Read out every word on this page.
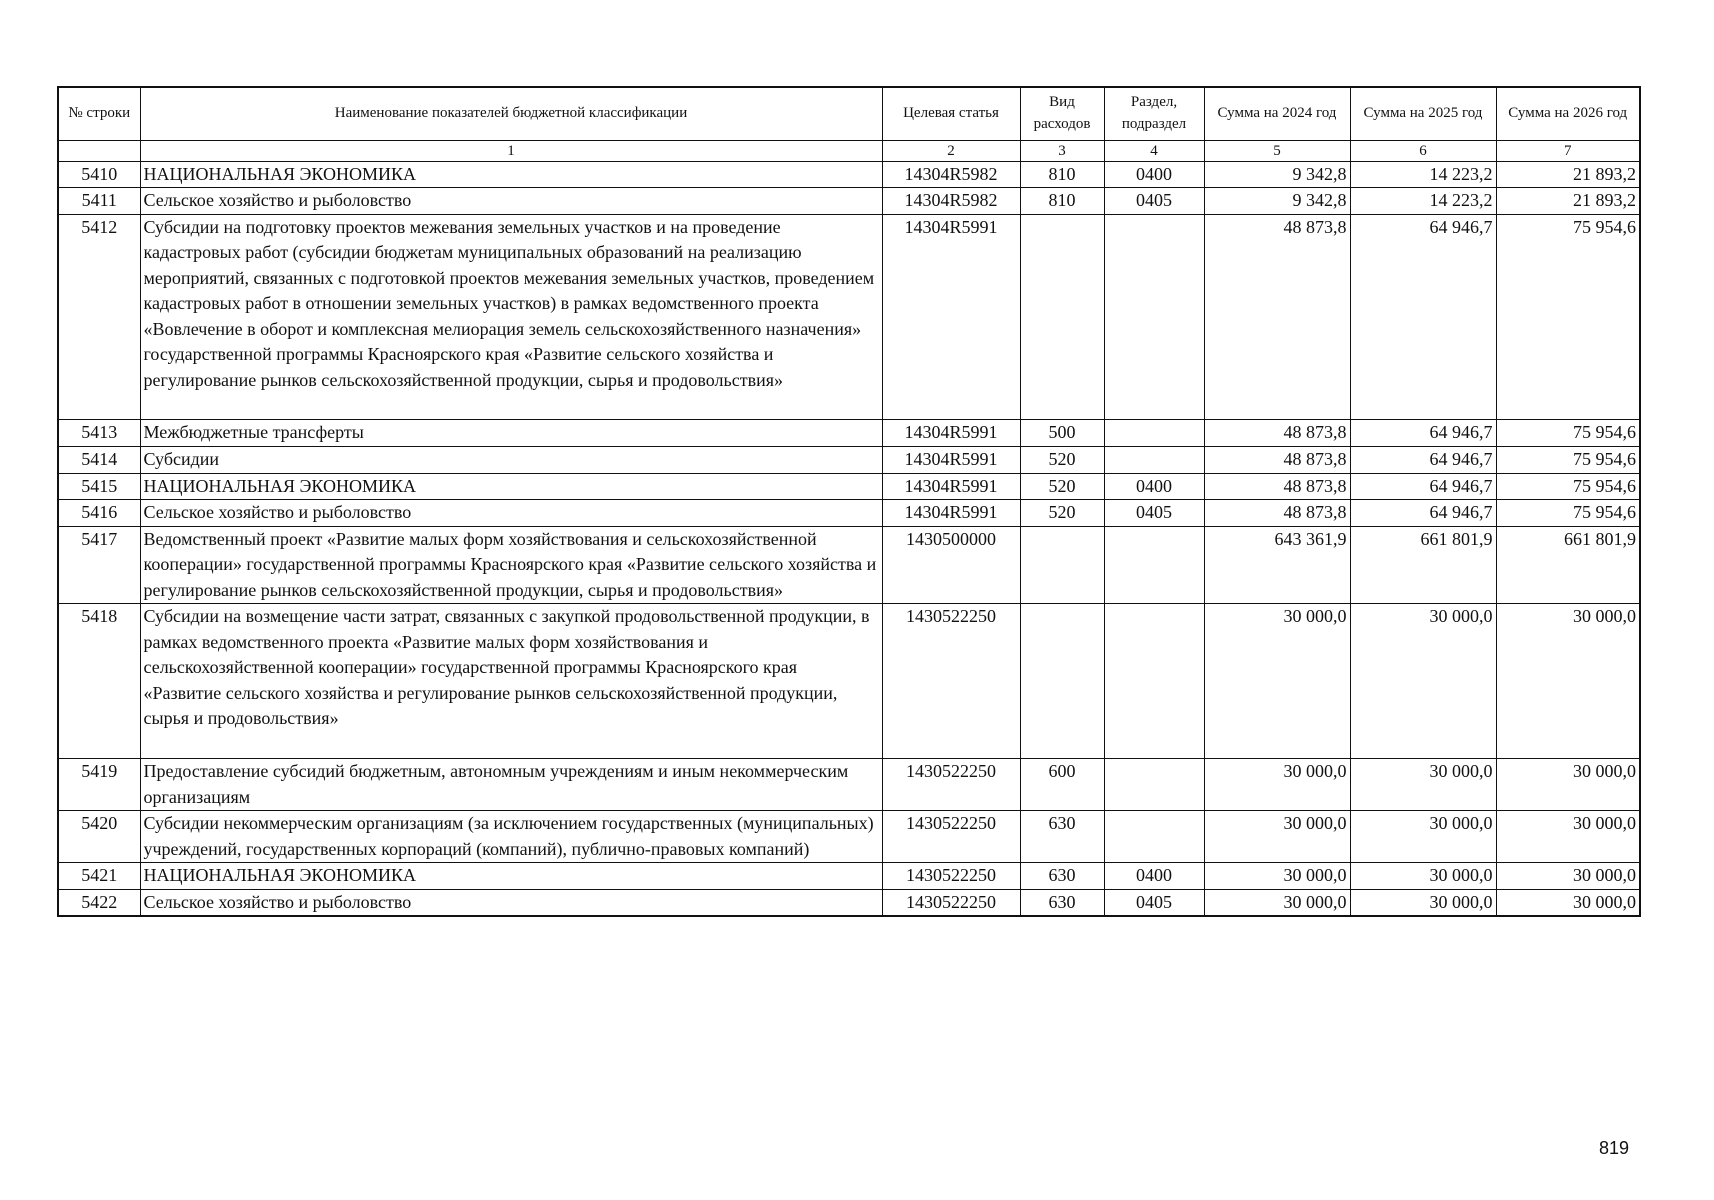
№ строки	Наименование показателей бюджетной классификации	Целевая статья	Вид расходов	Раздел, подраздел	Сумма на 2024 год	Сумма на 2025 год	Сумма на 2026 год
	1	2	3	4	5	6	7
5410	НАЦИОНАЛЬНАЯ ЭКОНОМИКА	14304R5982	810	0400	9 342,8	14 223,2	21 893,2
5411	Сельское хозяйство и рыболовство	14304R5982	810	0405	9 342,8	14 223,2	21 893,2
5412	Субсидии на подготовку проектов межевания земельных участков и на проведение кадастровых работ (субсидии бюджетам муниципальных образований на реализацию мероприятий, связанных с подготовкой проектов межевания земельных участков, проведением кадастровых работ в отношении земельных участков) в рамках ведомственного проекта «Вовлечение в оборот и комплексная мелиорация земель сельскохозяйственного назначения» государственной программы Красноярского края «Развитие сельского хозяйства и регулирование рынков сельскохозяйственной продукции, сырья и продовольствия»	14304R5991			48 873,8	64 946,7	75 954,6
5413	Межбюджетные трансферты	14304R5991	500		48 873,8	64 946,7	75 954,6
5414	Субсидии	14304R5991	520		48 873,8	64 946,7	75 954,6
5415	НАЦИОНАЛЬНАЯ ЭКОНОМИКА	14304R5991	520	0400	48 873,8	64 946,7	75 954,6
5416	Сельское хозяйство и рыболовство	14304R5991	520	0405	48 873,8	64 946,7	75 954,6
5417	Ведомственный проект «Развитие малых форм хозяйствования и сельскохозяйственной кооперации» государственной программы Красноярского края «Развитие сельского хозяйства и регулирование рынков сельскохозяйственной продукции, сырья и продовольствия»	1430500000			643 361,9	661 801,9	661 801,9
5418	Субсидии на возмещение части затрат, связанных с закупкой продовольственной продукции, в рамках ведомственного проекта «Развитие малых форм хозяйствования и сельскохозяйственной кооперации» государственной программы Красноярского края «Развитие сельского хозяйства и регулирование рынков сельскохозяйственной продукции, сырья и продовольствия»	1430522250			30 000,0	30 000,0	30 000,0
5419	Предоставление субсидий бюджетным, автономным учреждениям и иным некоммерческим организациям	1430522250	600		30 000,0	30 000,0	30 000,0
5420	Субсидии некоммерческим организациям (за исключением государственных (муниципальных) учреждений, государственных корпораций (компаний), публично-правовых компаний)	1430522250	630		30 000,0	30 000,0	30 000,0
5421	НАЦИОНАЛЬНАЯ ЭКОНОМИКА	1430522250	630	0400	30 000,0	30 000,0	30 000,0
5422	Сельское хозяйство и рыболовство	1430522250	630	0405	30 000,0	30 000,0	30 000,0
819
